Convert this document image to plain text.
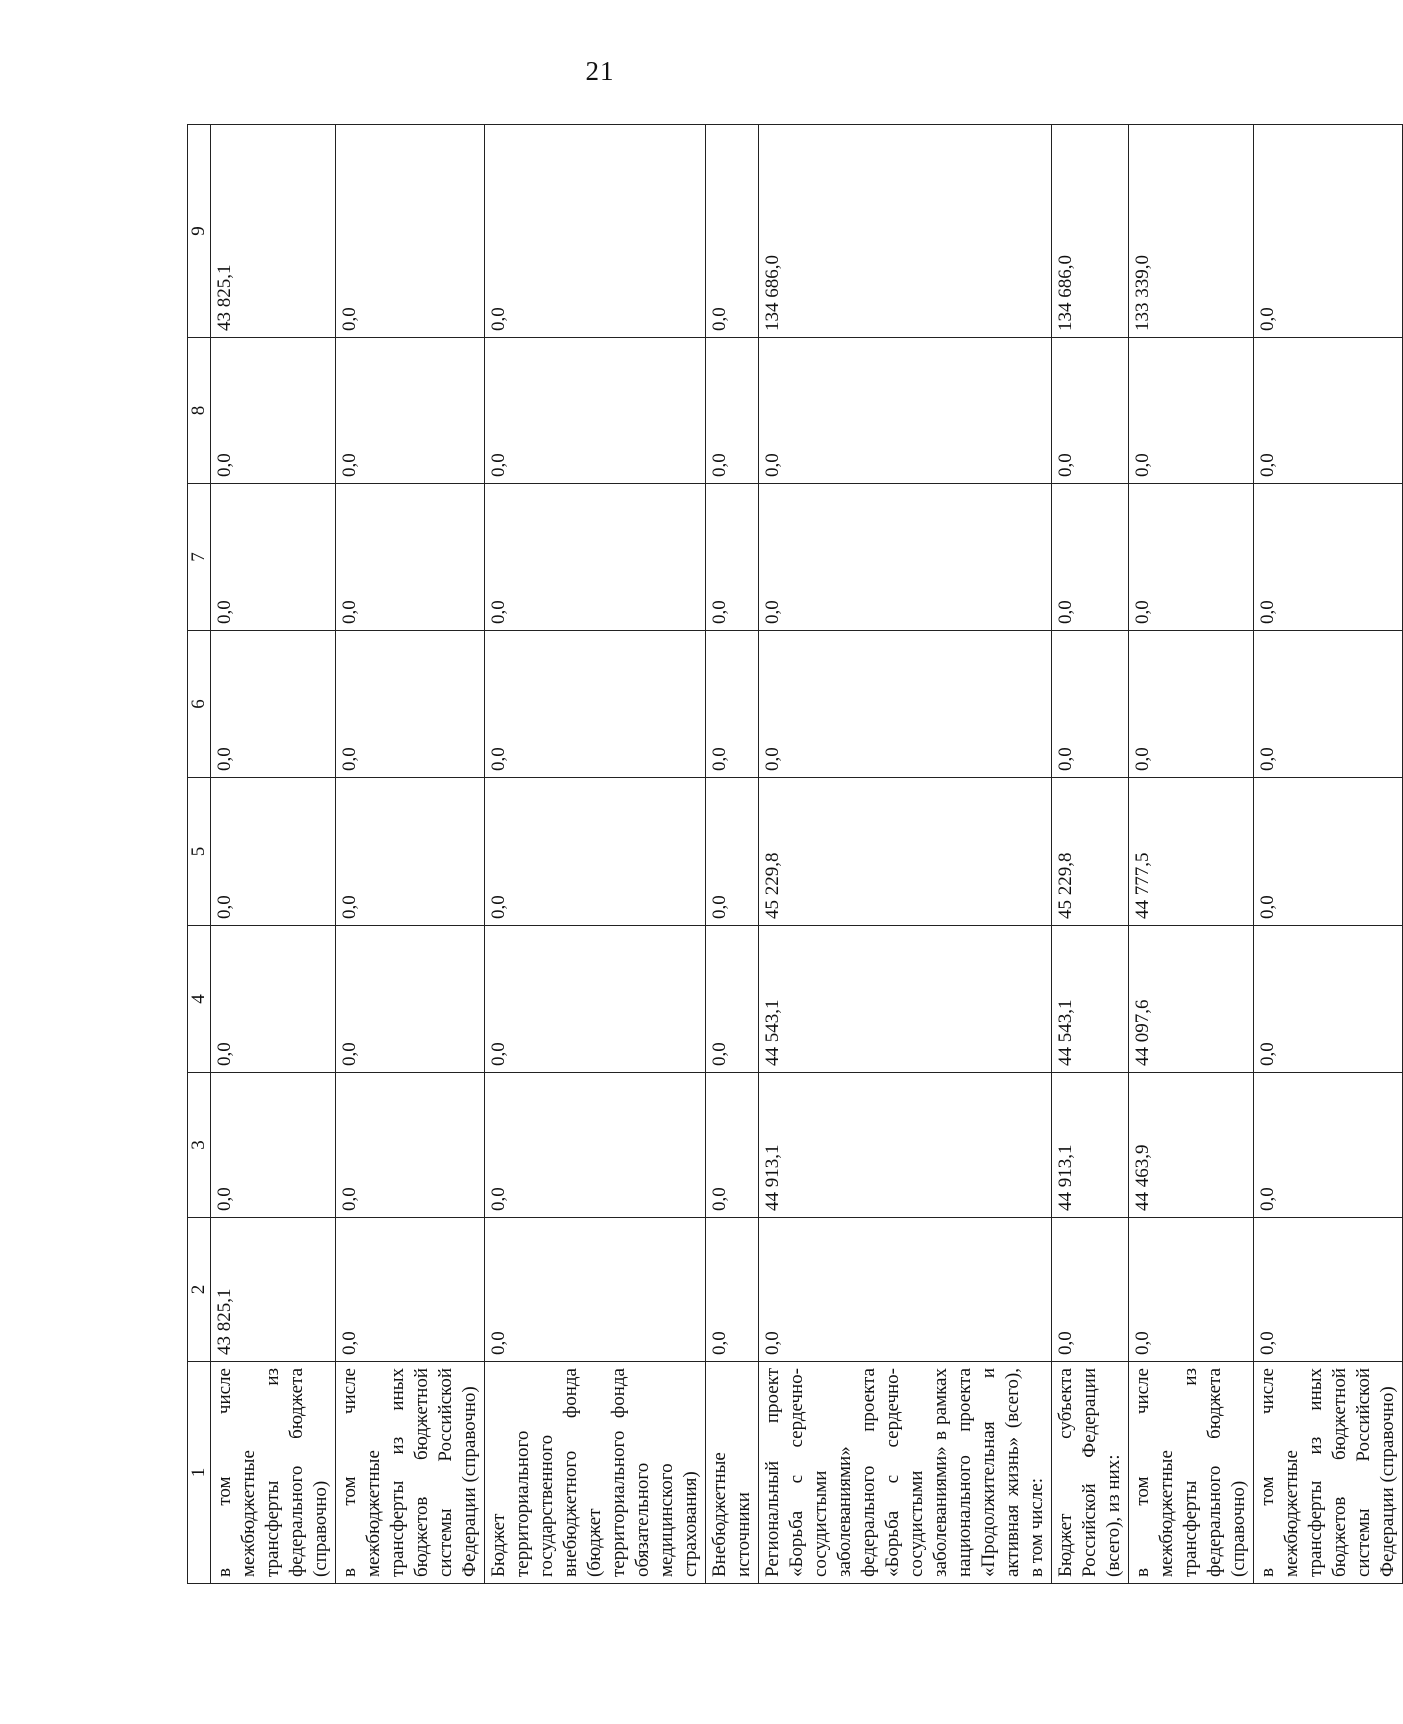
21
1	2	3	4	5	6	7	8	9
в том числе межбюджетные трансферты из федерального бюджета (справочно)	43 825,1	0,0	0,0	0,0	0,0	0,0	0,0	43 825,1
в том числе межбюджетные трансферты из иных бюджетов бюджетной системы Российской Федерации (справочно)	0,0	0,0	0,0	0,0	0,0	0,0	0,0	0,0
Бюджет территориального государственного внебюджетного фонда (бюджет территориального фонда обязательного медицинского страхования)	0,0	0,0	0,0	0,0	0,0	0,0	0,0	0,0
Внебюджетные источники	0,0	0,0	0,0	0,0	0,0	0,0	0,0	0,0
Региональный проект «Борьба с сердечно-сосудистыми заболеваниями» федерального проекта «Борьба с сердечно-сосудистыми заболеваниями» в рамках национального проекта «Продолжительная и активная жизнь» (всего), в том числе:	0,0	44 913,1	44 543,1	45 229,8	0,0	0,0	0,0	134 686,0
Бюджет субъекта Российской Федерации (всего), из них:	0,0	44 913,1	44 543,1	45 229,8	0,0	0,0	0,0	134 686,0
в том числе межбюджетные трансферты из федерального бюджета (справочно)	0,0	44 463,9	44 097,6	44 777,5	0,0	0,0	0,0	133 339,0
в том числе межбюджетные трансферты из иных бюджетов бюджетной системы Российской Федерации (справочно)	0,0	0,0	0,0	0,0	0,0	0,0	0,0	0,0
